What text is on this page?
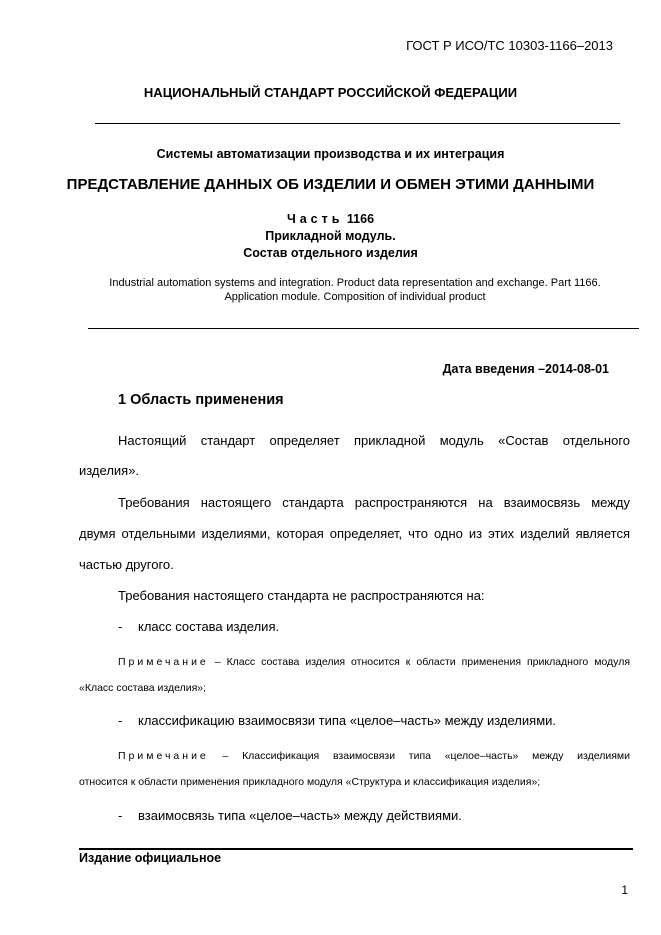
ГОСТ Р ИСО/ТС 10303-1166–2013
НАЦИОНАЛЬНЫЙ СТАНДАРТ РОССИЙСКОЙ ФЕДЕРАЦИИ
Системы автоматизации производства и их интеграция
ПРЕДСТАВЛЕНИЕ ДАННЫХ ОБ ИЗДЕЛИИ И ОБМЕН ЭТИМИ ДАННЫМИ
Часть 1166
Прикладной модуль.
Состав отдельного изделия
Industrial automation systems and integration. Product data representation and exchange. Part 1166.
Application module. Composition of individual product
Дата введения –2014-08-01
1 Область применения
Настоящий стандарт определяет прикладной модуль «Состав отдельного
изделия».
Требования настоящего стандарта распространяются на взаимосвязь между
двумя отдельными изделиями, которая определяет, что одно из этих изделий является
частью другого.
Требования настоящего стандарта не распространяются на:
- класс состава изделия.
Примечание – Класс состава изделия относится к области применения прикладного модуля
«Класс состава изделия»;
- классификацию взаимосвязи типа «целое–часть» между изделиями.
Примечание – Классификация взаимосвязи типа «целое–часть» между изделиями
относится к области применения прикладного модуля «Структура и классификация изделия»;
- взаимосвязь типа «целое–часть» между действиями.
Издание официальное
1
